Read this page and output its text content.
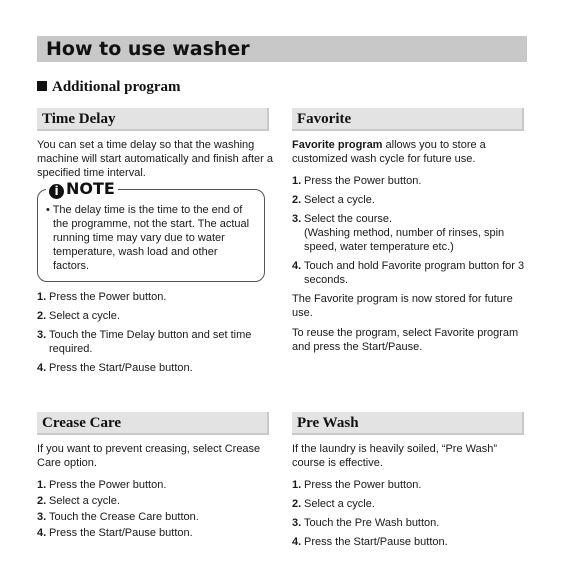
How to use washer
Additional program
Time Delay

You can set a time delay so that the washing machine will start automatically and finish after a specified time interval.

i NOTE

• The delay time is the time to the end of the programme, not the start. The actual running time may vary due to water temperature, wash load and other factors.

1. Press the Power button.
2. Select a cycle.
3. Touch the Time Delay button and set time required.
4. Press the Start/Pause button.
Favorite

Favorite program allows you to store a customized wash cycle for future use.

1. Press the Power button.
2. Select a cycle.
3. Select the course.
(Washing method, number of rinses, spin speed, water temperature etc.)
4. Touch and hold Favorite program button for 3 seconds.

The Favorite program is now stored for future use.

To reuse the program, select Favorite program and press the Start/Pause.

Crease Care

If you want to prevent creasing, select Crease Care option.

1. Press the Power button.
2. Select a cycle.
3. Touch the Crease Care button.
4. Press the Start/Pause button.
Pre Wash

If the laundry is heavily soiled, “Pre Wash” course is effective.

1. Press the Power button.
2. Select a cycle.
3. Touch the Pre Wash button.
4. Press the Start/Pause button.
